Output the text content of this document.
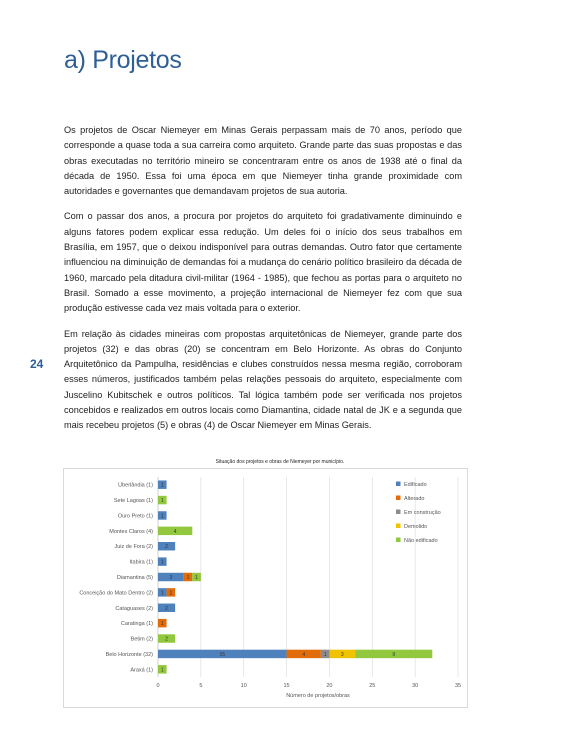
a) Projetos
24

Os projetos de Oscar Niemeyer em Minas Gerais perpassam mais de 70 anos, período que corresponde a quase toda a sua carreira como arquiteto. Grande parte das suas propostas e das obras executadas no território mineiro se concentraram entre os anos de 1938 até o final da década de 1950. Essa foi uma época em que Niemeyer tinha grande proximidade com autoridades e governantes que demandavam projetos de sua autoria.

Com o passar dos anos, a procura por projetos do arquiteto foi gradativamente diminuindo e alguns fatores podem explicar essa redução. Um deles foi o início dos seus trabalhos em Brasília, em 1957, que o deixou indisponível para outras demandas. Outro fator que certamente influenciou na diminuição de demandas foi a mudança do cenário político brasileiro da década de 1960, marcado pela ditadura civil-militar (1964 - 1985), que fechou as portas para o arquiteto no Brasil. Somado a esse movimento, a projeção internacional de Niemeyer fez com que sua produção estivesse cada vez mais voltada para o exterior.

Em relação às cidades mineiras com propostas arquitetônicas de Niemeyer, grande parte dos projetos (32) e das obras (20) se concentram em Belo Horizonte. As obras do Conjunto Arquitetônico da Pampulha, residências e clubes construídos nessa mesma região, corroboram esses números, justificados também pelas relações pessoais do arquiteto, especialmente com Juscelino Kubitschek e outros políticos. Tal lógica também pode ser verificada nos projetos concebidos e realizados em outros locais como Diamantina, cidade natal de JK e a segunda que mais recebeu projetos (5) e obras (4) de Oscar Niemeyer em Minas Gerais.

Situação dos projetos e obras de Niemeyer por município.
0	5	10	15	20	25	30	35
Número de projetos/obras
Uberlândia (1) 1
Sete Lagoas (1) 1
Ouro Preto (1) 1
Montes Claros (4)	4
Juiz de Fora (2) 2
Itabira (1) 1
Diamantina (5)	3	1 1
Conceição do Mato Dentro (2) 1 1
Cataguases (2) 2
Caratinga (1) 1
Betim (2) 2
Belo Horizonte (32)	15	4	1	3	9
Araxá (1) 1
Edificado
Alterado
Em construção
Demolido
Não edificado
